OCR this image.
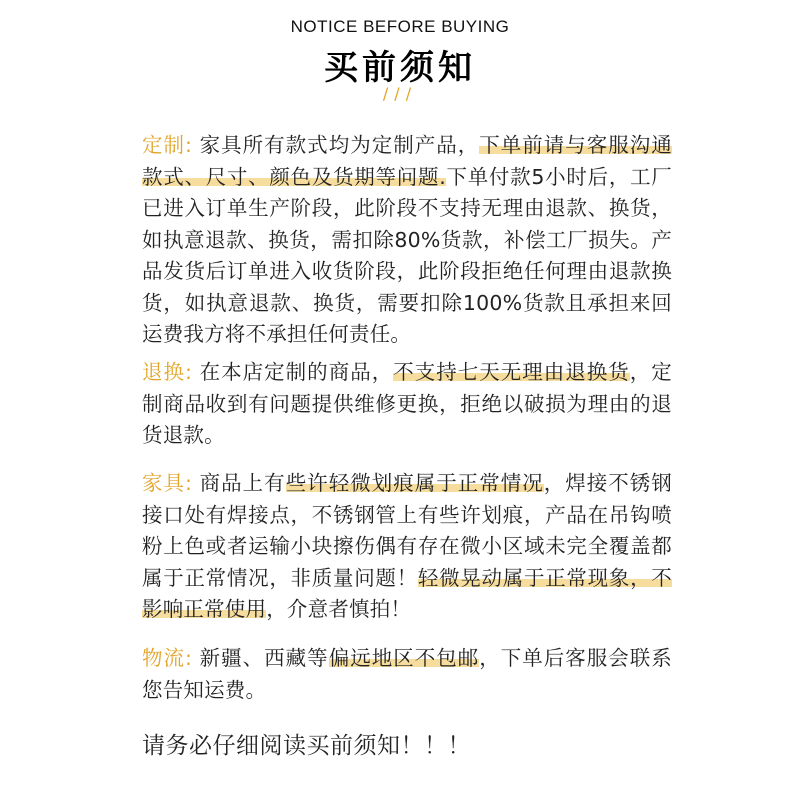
NOTICE BEFORE BUYING
买前须知
///

定制: 家具所有款式均为定制产品，下单前请与客服沟通款式、尺寸、颜色及货期等问题.下单付款5小时后，工厂已进入订单生产阶段，此阶段不支持无理由退款、换货，如执意退款、换货，需扣除80%货款，补偿工厂损失。产品发货后订单进入收货阶段，此阶段拒绝任何理由退款换货，如执意退款、换货，需要扣除100%货款且承担来回运费我方将不承担任何责任。

退换: 在本店定制的商品，不支持七天无理由退换货，定制商品收到有问题提供维修更换，拒绝以破损为理由的退货退款。

家具: 商品上有些许轻微划痕属于正常情况，焊接不锈钢接口处有焊接点，不锈钢管上有些许划痕，产品在吊钩喷粉上色或者运输小块擦伤偶有存在微小区域未完全覆盖都属于正常情况，非质量问题！轻微晃动属于正常现象，不影响正常使用，介意者慎拍！

物流: 新疆、西藏等偏远地区不包邮，下单后客服会联系您告知运费。

请务必仔细阅读买前须知！！！
